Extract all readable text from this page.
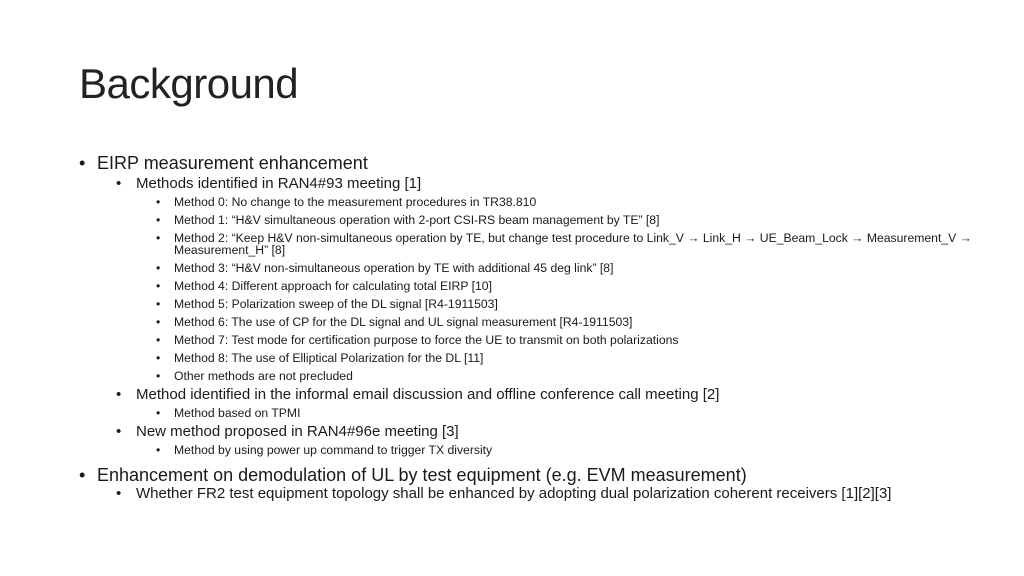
Background
• EIRP measurement enhancement
• Methods identified in RAN4#93 meeting [1]
• Method 0: No change to the measurement procedures in TR38.810
• Method 1: “H&V simultaneous operation with 2-port CSI-RS beam management by TE” [8]
• Method 2: “Keep H&V non-simultaneous operation by TE, but change test procedure to Link_V → Link_H → UE_Beam_Lock → Measurement_V → Measurement_H” [8]
• Method 3: “H&V non-simultaneous operation by TE with additional 45 deg link” [8]
• Method 4: Different approach for calculating total EIRP [10]
• Method 5: Polarization sweep of the DL signal [R4-1911503]
• Method 6: The use of CP for the DL signal and UL signal measurement [R4-1911503]
• Method 7: Test mode for certification purpose to force the UE to transmit on both polarizations
• Method 8: The use of Elliptical Polarization for the DL [11]
• Other methods are not precluded
• Method identified in the informal email discussion and offline conference call meeting [2]
• Method based on TPMI
• New method proposed in RAN4#96e meeting [3]
• Method by using power up command to trigger TX diversity
• Enhancement on demodulation of UL by test equipment (e.g. EVM measurement)
• Whether FR2 test equipment topology shall be enhanced by adopting dual polarization coherent receivers [1][2][3]
